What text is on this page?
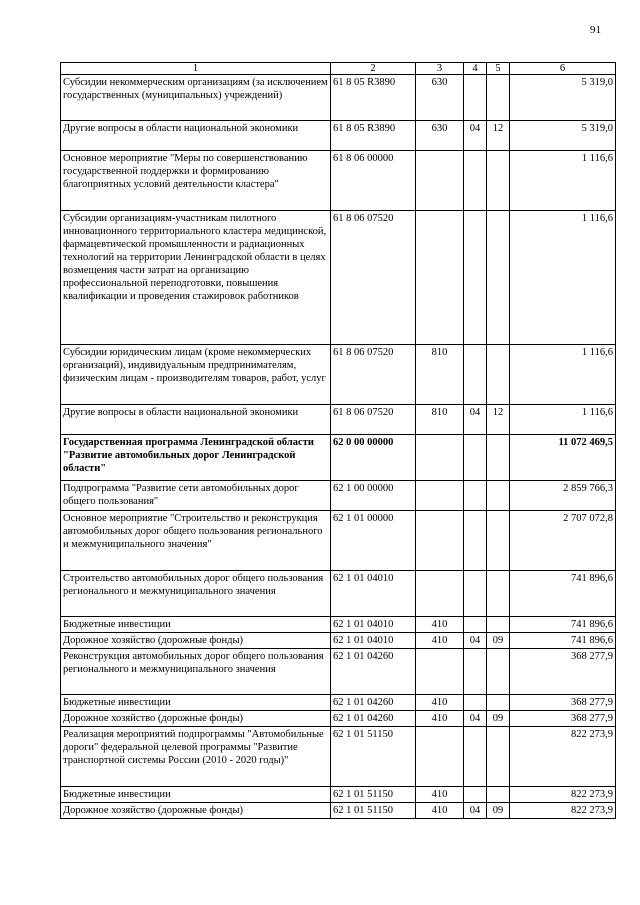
91
1	2	3	4	5	6
Субсидии некоммерческим организациям (за исключением государственных (муниципальных) учреждений)	61 8 05 R3890	630			5 319,0
Другие вопросы в области национальной экономики	61 8 05 R3890	630	04	12	5 319,0
Основное мероприятие "Меры по совершенствованию государственной поддержки и формированию благоприятных условий деятельности кластера"	61 8 06 00000				1 116,6
Субсидии организациям-участникам пилотного инновационного территориального кластера медицинской, фармацевтической промышленности и радиационных технологий на территории Ленинградской области в целях возмещения части затрат на организацию профессиональной переподготовки, повышения квалификации и проведения стажировок работников	61 8 06 07520				1 116,6
Субсидии юридическим лицам (кроме некоммерческих организаций), индивидуальным предпринимателям, физическим лицам - производителям товаров, работ, услуг	61 8 06 07520	810			1 116,6
Другие вопросы в области национальной экономики	61 8 06 07520	810	04	12	1 116,6
Государственная программа Ленинградской области "Развитие автомобильных дорог Ленинградской области"	62 0 00 00000				11 072 469,5
Подпрограмма "Развитие сети автомобильных дорог общего пользования"	62 1 00 00000				2 859 766,3
Основное мероприятие "Строительство и реконструкция автомобильных дорог общего пользования регионального и межмуниципального значения"	62 1 01 00000				2 707 072,8
Строительство автомобильных дорог общего пользования регионального и межмуниципального значения	62 1 01 04010				741 896,6
Бюджетные инвестиции	62 1 01 04010	410			741 896,6
Дорожное хозяйство (дорожные фонды)	62 1 01 04010	410	04	09	741 896,6
Реконструкция автомобильных дорог общего пользования регионального и межмуниципального значения	62 1 01 04260				368 277,9
Бюджетные инвестиции	62 1 01 04260	410			368 277,9
Дорожное хозяйство (дорожные фонды)	62 1 01 04260	410	04	09	368 277,9
Реализация мероприятий подпрограммы "Автомобильные дороги" федеральной целевой программы "Развитие транспортной системы России (2010 - 2020 годы)"	62 1 01 51150				822 273,9
Бюджетные инвестиции	62 1 01 51150	410			822 273,9
Дорожное хозяйство (дорожные фонды)	62 1 01 51150	410	04	09	822 273,9
